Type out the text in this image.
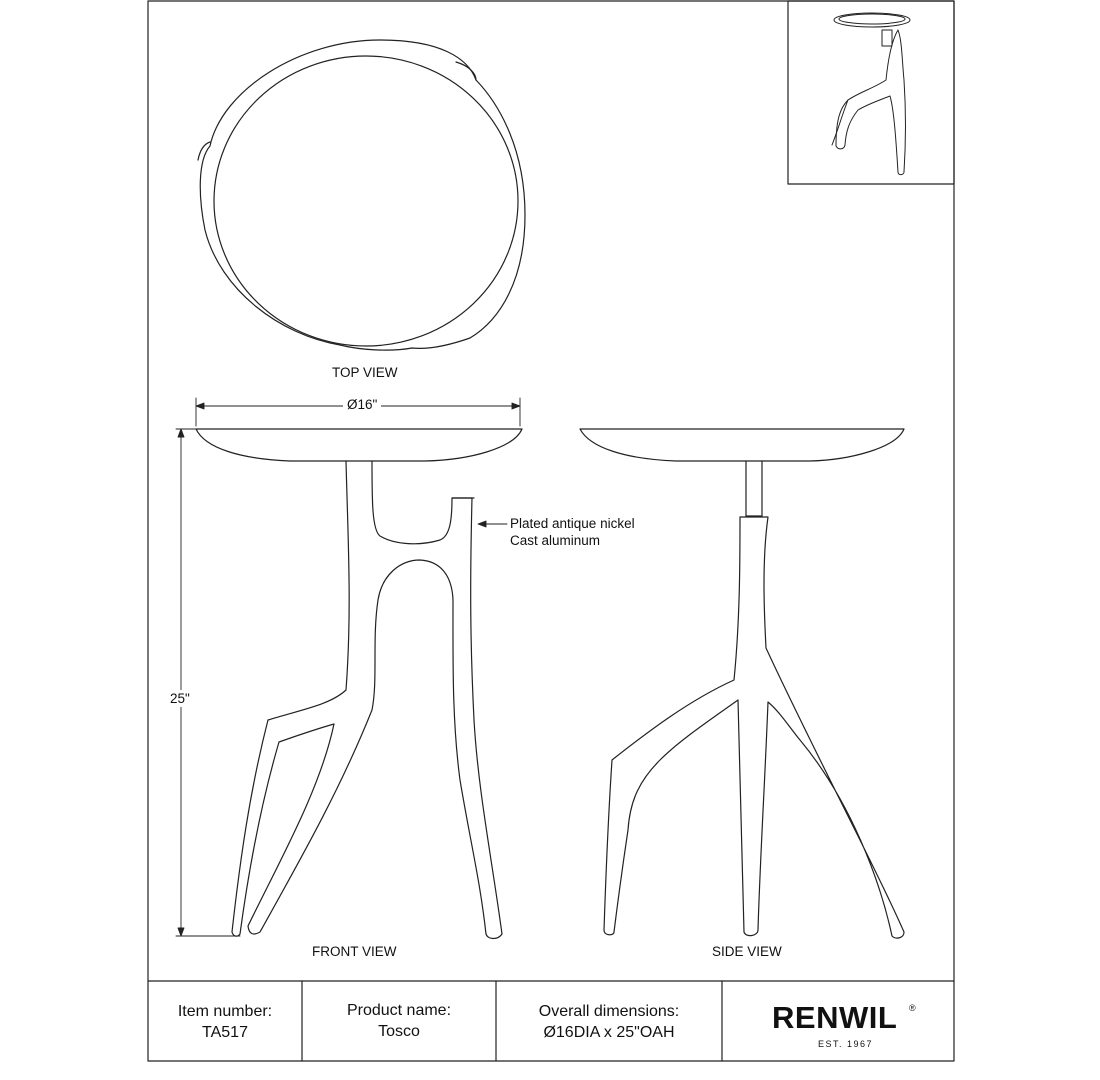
TOP VIEW
FRONT VIEW	SIDE VIEW
Ø16"
25"
Plated antique nickel
Cast aluminum
Item number:
TA517
Product name:
Tosco
Overall dimensions:
Ø16DIA x 25"OAH	RENWIL ®
EST. 1967
